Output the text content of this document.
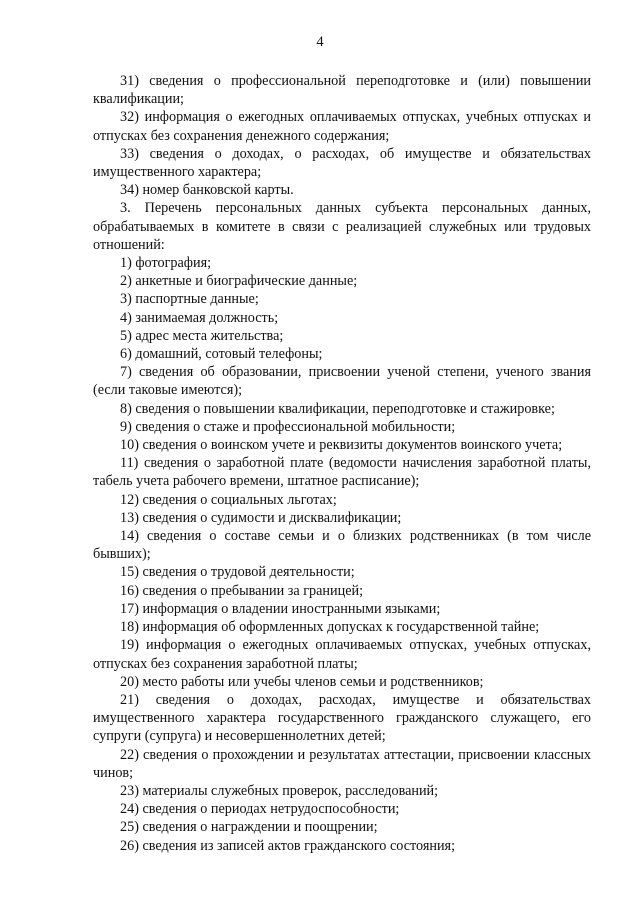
4

31) сведения о профессиональной переподготовке и (или) повышении квалификации;

32) информация о ежегодных оплачиваемых отпусках, учебных отпусках и отпусках без сохранения денежного содержания;

33) сведения о доходах, о расходах, об имуществе и обязательствах имущественного характера;

34) номер банковской карты.

3. Перечень персональных данных субъекта персональных данных, обрабатываемых в комитете в связи с реализацией служебных или трудовых отношений:

1) фотография;

2) анкетные и биографические данные;

3) паспортные данные;

4) занимаемая должность;

5) адрес места жительства;

6) домашний, сотовый телефоны;

7) сведения об образовании, присвоении ученой степени, ученого звания (если таковые имеются);

8) сведения о повышении квалификации, переподготовке и стажировке;

9) сведения о стаже и профессиональной мобильности;

10) сведения о воинском учете и реквизиты документов воинского учета;

11) сведения о заработной плате (ведомости начисления заработной платы, табель учета рабочего времени, штатное расписание);

12) сведения о социальных льготах;

13) сведения о судимости и дисквалификации;

14) сведения о составе семьи и о близких родственниках (в том числе бывших);

15) сведения о трудовой деятельности;

16) сведения о пребывании за границей;

17) информация о владении иностранными языками;

18) информация об оформленных допусках к государственной тайне;

19) информация о ежегодных оплачиваемых отпусках, учебных отпусках, отпусках без сохранения заработной платы;

20) место работы или учебы членов семьи и родственников;

21) сведения о доходах, расходах, имуществе и обязательствах имущественного характера государственного гражданского служащего, его супруги (супруга) и несовершеннолетних детей;

22) сведения о прохождении и результатах аттестации, присвоении классных чинов;

23) материалы служебных проверок, расследований;

24) сведения о периодах нетрудоспособности;

25) сведения о награждении и поощрении;

26) сведения из записей актов гражданского состояния;
